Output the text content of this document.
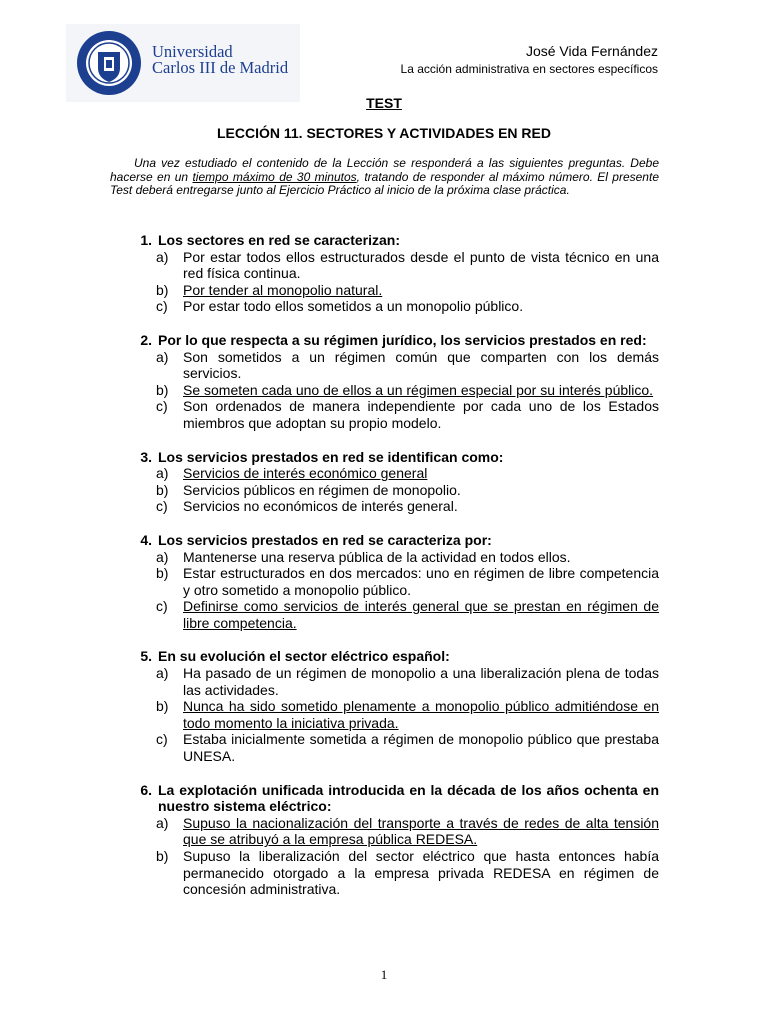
Universidad
Carlos III de Madrid
José Vida Fernández
La acción administrativa en sectores específicos
TEST
LECCIÓN 11. SECTORES Y ACTIVIDADES EN RED

Una vez estudiado el contenido de la Lección se responderá a las siguientes preguntas. Debe hacerse en un tiempo máximo de 30 minutos, tratando de responder al máximo número. El presente Test deberá entregarse junto al Ejercicio Práctico al inicio de la próxima clase práctica.

1. Los sectores en red se caracterizan:
a)	Por estar todos ellos estructurados desde el punto de vista técnico en una red física continua.
b)	Por tender al monopolio natural.
c)	Por estar todo ellos sometidos a un monopolio público.
2. Por lo que respecta a su régimen jurídico, los servicios prestados en red:
a)	Son sometidos a un régimen común que comparten con los demás servicios.
b)	Se someten cada uno de ellos a un régimen especial por su interés público.
c)	Son ordenados de manera independiente por cada uno de los Estados miembros que adoptan su propio modelo.
3. Los servicios prestados en red se identifican como:
a)	Servicios de interés económico general
b)	Servicios públicos en régimen de monopolio.
c)	Servicios no económicos de interés general.
4. Los servicios prestados en red se caracteriza por:
a)	Mantenerse una reserva pública de la actividad en todos ellos.
b)	Estar estructurados en dos mercados: uno en régimen de libre competencia y otro sometido a monopolio público.
c)	Definirse como servicios de interés general que se prestan en régimen de libre competencia.
5. En su evolución el sector eléctrico español:
a)	Ha pasado de un régimen de monopolio a una liberalización plena de todas las actividades.
b)	Nunca ha sido sometido plenamente a monopolio público admitiéndose en todo momento la iniciativa privada.
c)	Estaba inicialmente sometida a régimen de monopolio público que prestaba UNESA.
6. La explotación unificada introducida en la década de los años ochenta en nuestro sistema eléctrico:
a)	Supuso la nacionalización del transporte a través de redes de alta tensión que se atribuyó a la empresa pública REDESA.
b)	Supuso la liberalización del sector eléctrico que hasta entonces había permanecido otorgado a la empresa privada REDESA en régimen de concesión administrativa.
1
